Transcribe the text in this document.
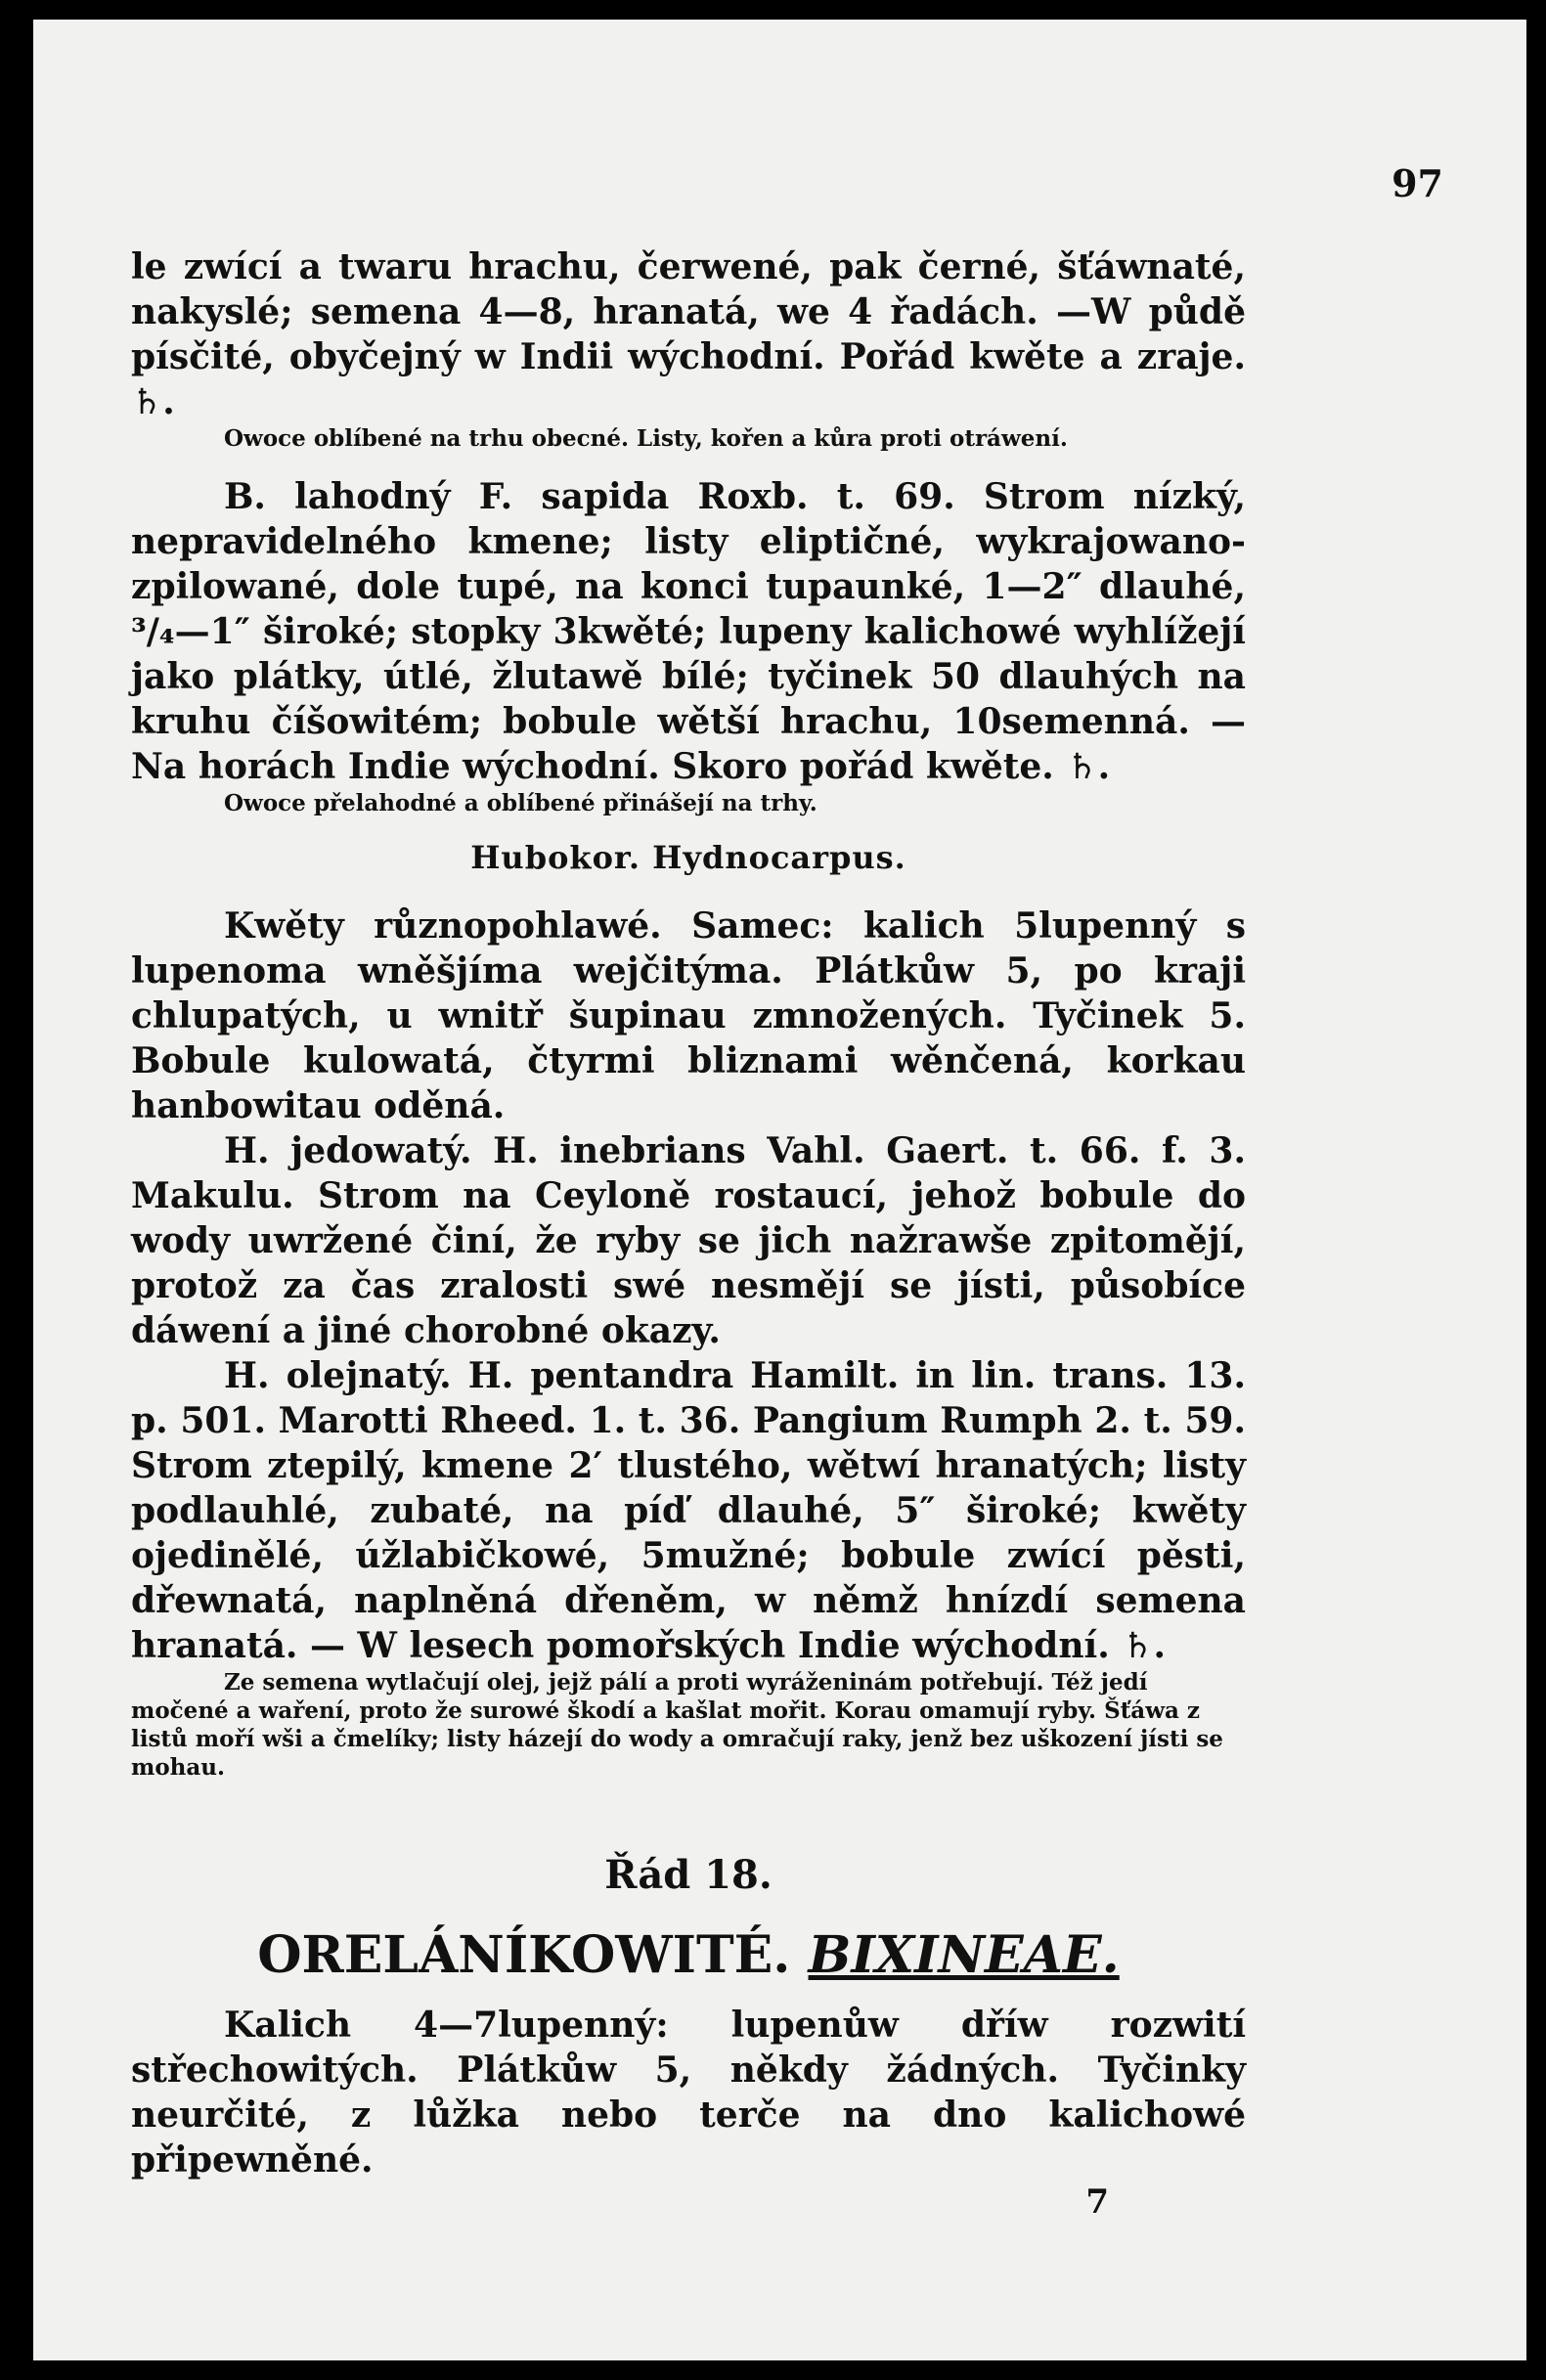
97

le zwící a twaru hrachu, čerwené, pak černé, šťáwnaté, nakyslé; semena 4—8, hranatá, we 4 řadách. —W půdě písčité, obyčejný w Indii wýchodní. Pořád kwěte a zraje. ♄.

Owoce oblíbené na trhu obecné. Listy, kořen a kůra proti otráwení.

B. lahodný F. sapida Roxb. t. 69. Strom nízký, nepravidelného kmene; listy eliptičné, wykrajowano-zpilowané, dole tupé, na konci tupaunké, 1—2″ dlauhé, ³/₄—1″ široké; stopky 3kwěté; lupeny kalichowé wyhlížejí jako plátky, útlé, žlutawě bílé; tyčinek 50 dlauhých na kruhu číšowitém; bobule wětší hrachu, 10semenná. — Na horách Indie wýchodní. Skoro pořád kwěte. ♄.

Owoce přelahodné a oblíbené přinášejí na trhy.

Hubokor. Hydnocarpus.

Kwěty různopohlawé. Samec: kalich 5lupenný s lupenoma wněšjíma wejčitýma. Plátkůw 5, po kraji chlupatých, u wnitř šupinau zmnožených. Tyčinek 5. Bobule kulowatá, čtyrmi bliznami wěnčená, korkau hanbowitau oděná.

H. jedowatý. H. inebrians Vahl. Gaert. t. 66. f. 3. Makulu. Strom na Ceyloně rostaucí, jehož bobule do wody uwržené činí, že ryby se jich nažrawše zpitomějí, protož za čas zralosti swé nesmějí se jísti, působíce dáwení a jiné chorobné okazy.

H. olejnatý. H. pentandra Hamilt. in lin. trans. 13. p. 501. Marotti Rheed. 1. t. 36. Pangium Rumph 2. t. 59. Strom ztepilý, kmene 2′ tlustého, wětwí hranatých; listy podlauhlé, zubaté, na píď dlauhé, 5″ široké; kwěty ojedinělé, úžlabičkowé, 5mužné; bobule zwící pěsti, dřewnatá, naplněná dřeněm, w němž hnízdí semena hranatá. — W lesech pomořských Indie wýchodní. ♄.

Ze semena wytlačují olej, jejž pálí a proti wyráženinám potřebují. Též jedí močené a waření, proto že surowé škodí a kašlat mořit. Korau omamují ryby. Šťáwa z listů moří wši a čmelíky; listy házejí do wody a omračují raky, jenž bez uškození jísti se mohau.

Řád 18.
ORELÁNÍKOWITÉ. BIXINEAE.

Kalich 4—7lupenný: lupenůw dříw rozwití střechowitých. Plátkůw 5, někdy žádných. Tyčinky neurčité, z lůžka nebo terče na dno kalichowé připewněné.

7
